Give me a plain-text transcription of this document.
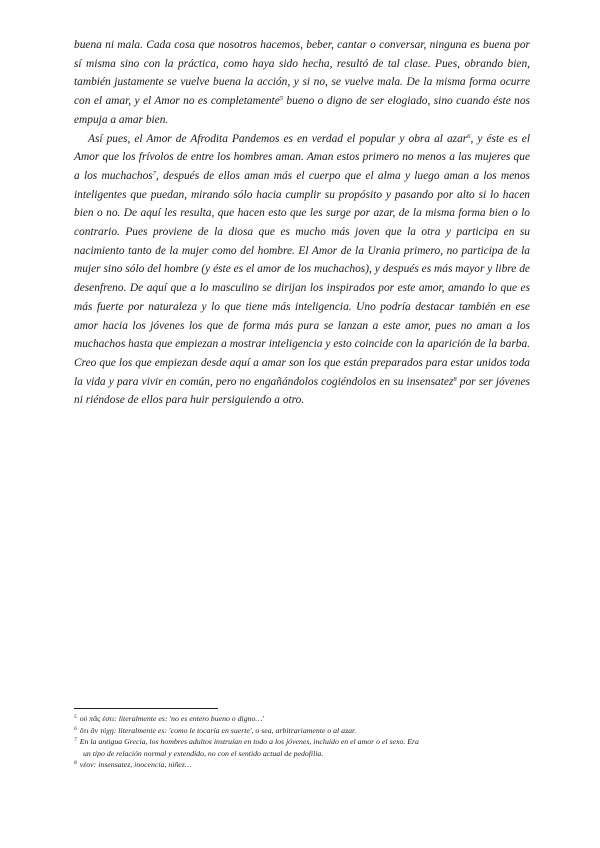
buena ni mala. Cada cosa que nosotros hacemos, beber, cantar o conversar, ninguna es buena por sí misma sino con la práctica, como haya sido hecha, resultó de tal clase. Pues, obrando bien, también justamente se vuelve buena la acción, y si no, se vuelve mala. De la misma forma ocurre con el amar, y el Amor no es completamente$^5$ bueno o digno de ser elogiado, sino cuando éste nos empuja a amar bien.

Así pues, el Amor de Afrodita Pandemos es en verdad el popular y obra al azar$^6$, y éste es el Amor que los frívolos de entre los hombres aman. Aman estos primero no menos a las mujeres que a los muchachos$^7$, después de ellos aman más el cuerpo que el alma y luego aman a los menos inteligentes que puedan, mirando sólo hacia cumplir su propósito y pasando por alto si lo hacen bien o no. De aquí les resulta, que hacen esto que les surge por azar, de la misma forma bien o lo contrario. Pues proviene de la diosa que es mucho más joven que la otra y participa en su nacimiento tanto de la mujer como del hombre. El Amor de la Urania primero, no participa de la mujer sino sólo del hombre (y éste es el amor de los muchachos), y después es más mayor y libre de desenfreno. De aquí que a lo masculino se dirijan los inspirados por este amor, amando lo que es más fuerte por naturaleza y lo que tiene más inteligencia. Uno podría destacar también en ese amor hacia los jóvenes los que de forma más pura se lanzan a este amor, pues no aman a los muchachos hasta que empiezan a mostrar inteligencia y esto coincide con la aparición de la barba. Creo que los que empiezan desde aquí a amar son los que están preparados para estar unidos toda la vida y para vivir en común, pero no engañándolos cogiéndolos en su insensatez$^8$ por ser jóvenes ni riéndose de ellos para huir persiguiendo a otro.

$^5$ οὐ πᾶς ἐστι: literalmente es: 'no es entero bueno o digno…'

$^6$ ὅτι ἂν τύχῃ: literalmente es: 'como le tocaría en suerte', o sea, arbitrariamente o al azar.

$^7$ En la antigua Grecia, los hombres adultos instruían en todo a los jóvenes, incluido en el amor o el sexo. Era
un tipo de relación normal y extendido, no con el sentido actual de pedofilia.

$^8$ νέον: insensatez, inocencia, niñez…
